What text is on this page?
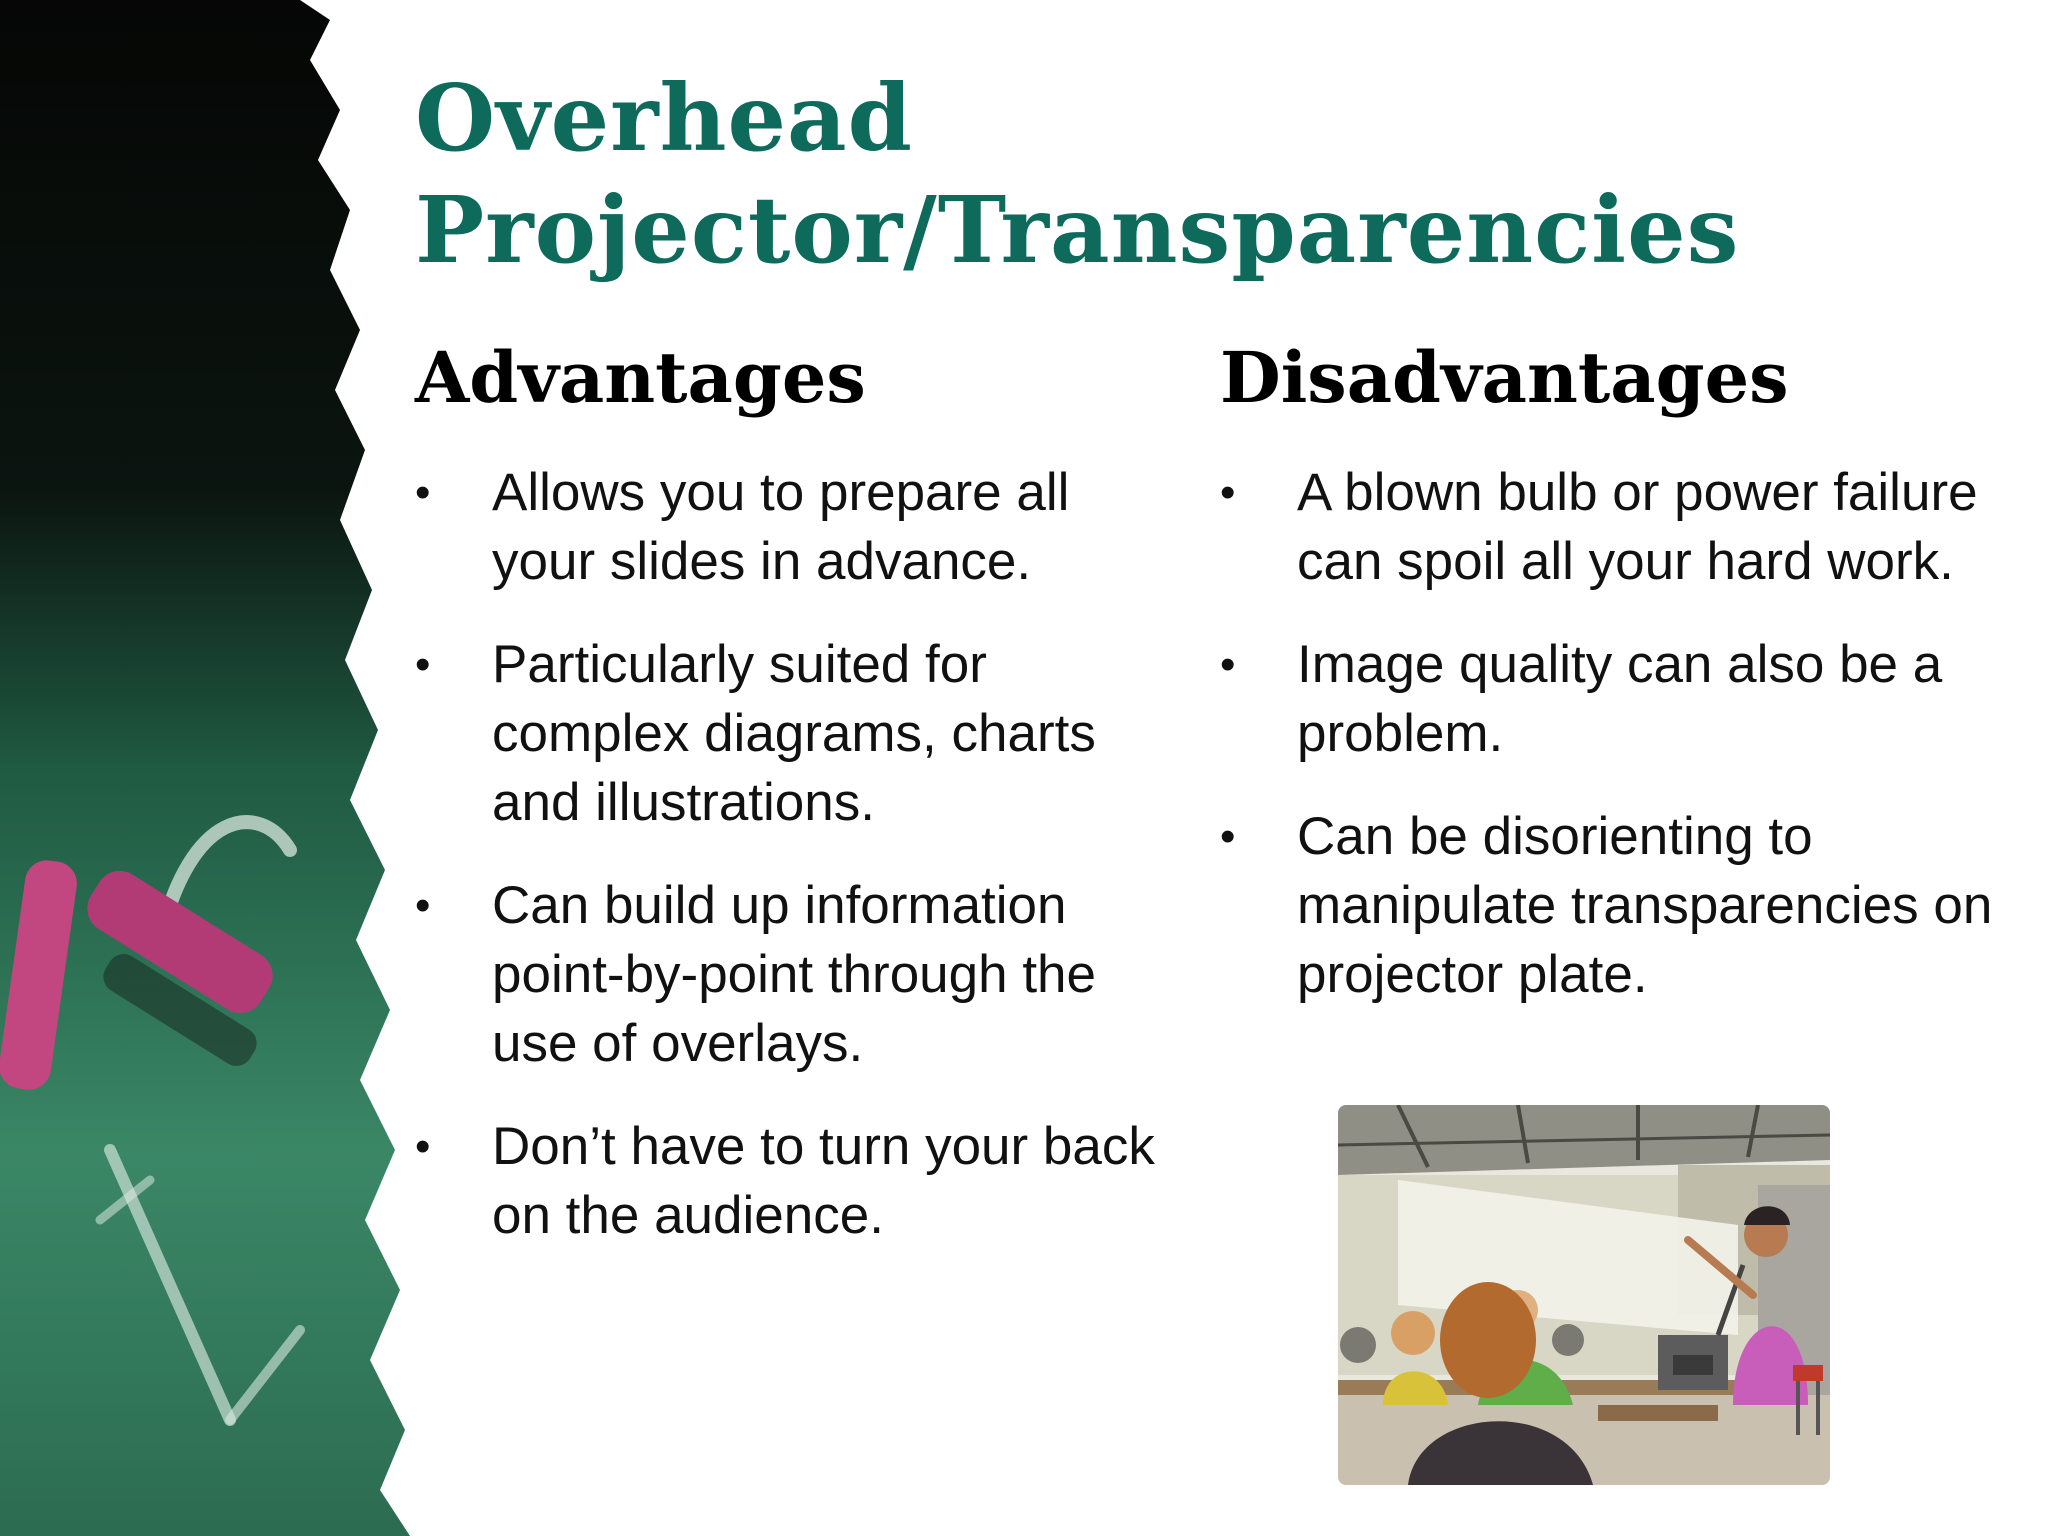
Overhead Projector/Transparencies
Advantages	Disadvantages
• Allows you to prepare all your slides in advance.
• Particularly suited for complex diagrams, charts and illustrations.
• Can build up information point-by-point through the use of overlays.
• Don’t have to turn your back on the audience.
• A blown bulb or power failure can spoil all your hard work.
• Image quality can also be a problem.
• Can be disorienting to manipulate transparencies on projector plate.
